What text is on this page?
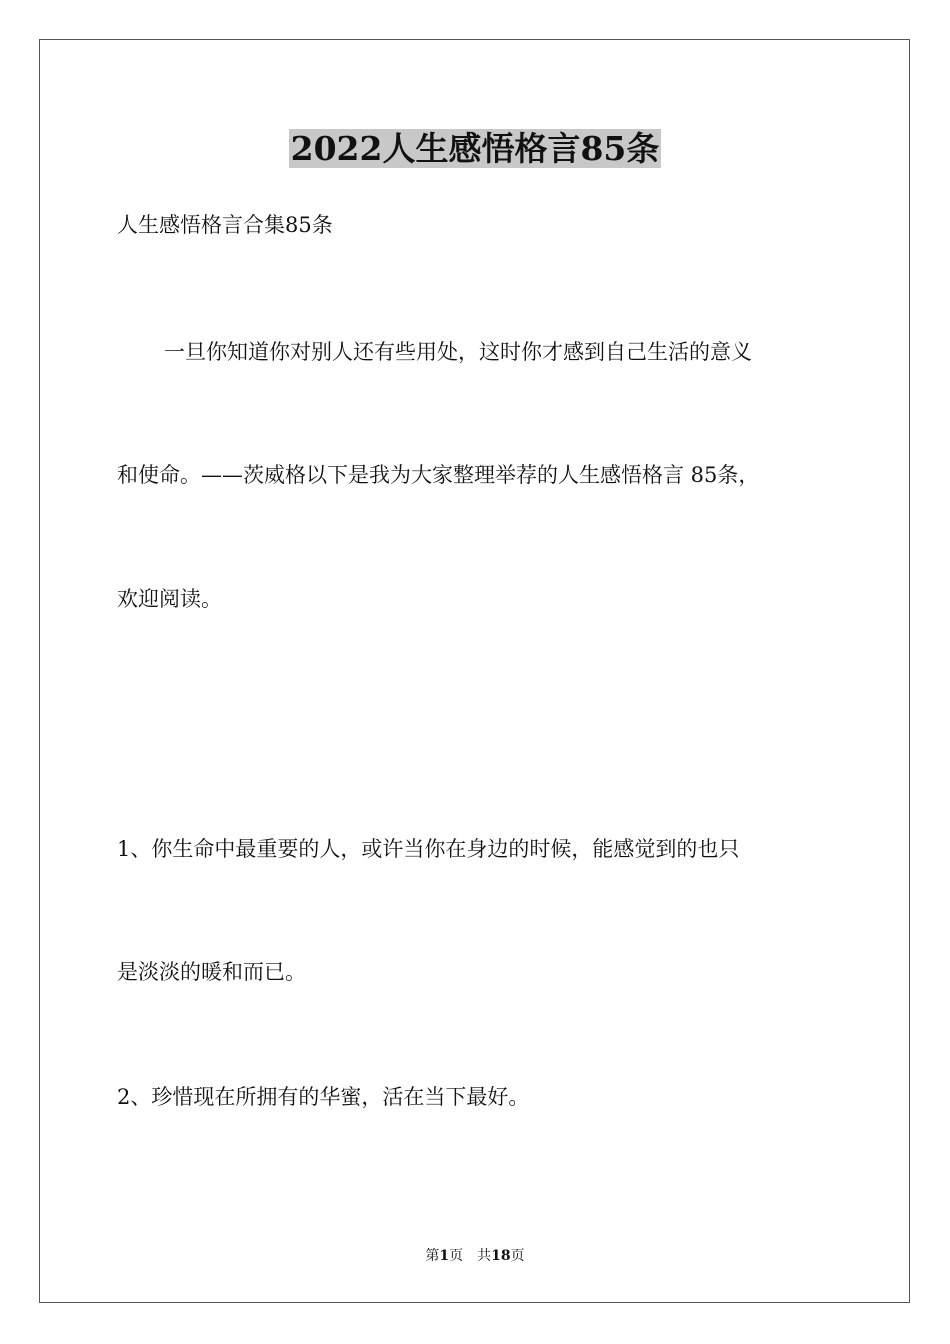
2022人生感悟格言85条

人生感悟格言合集85条

一旦你知道你对别人还有些用处，这时你才感到自己生活的意义

和使命。——茨威格以下是我为大家整理举荐的人生感悟格言 85条，

欢迎阅读。

1、你生命中最重要的人，或许当你在身边的时候，能感觉到的也只

是淡淡的暖和而已。

2、珍惜现在所拥有的华蜜，活在当下最好。

第1页 共18页
